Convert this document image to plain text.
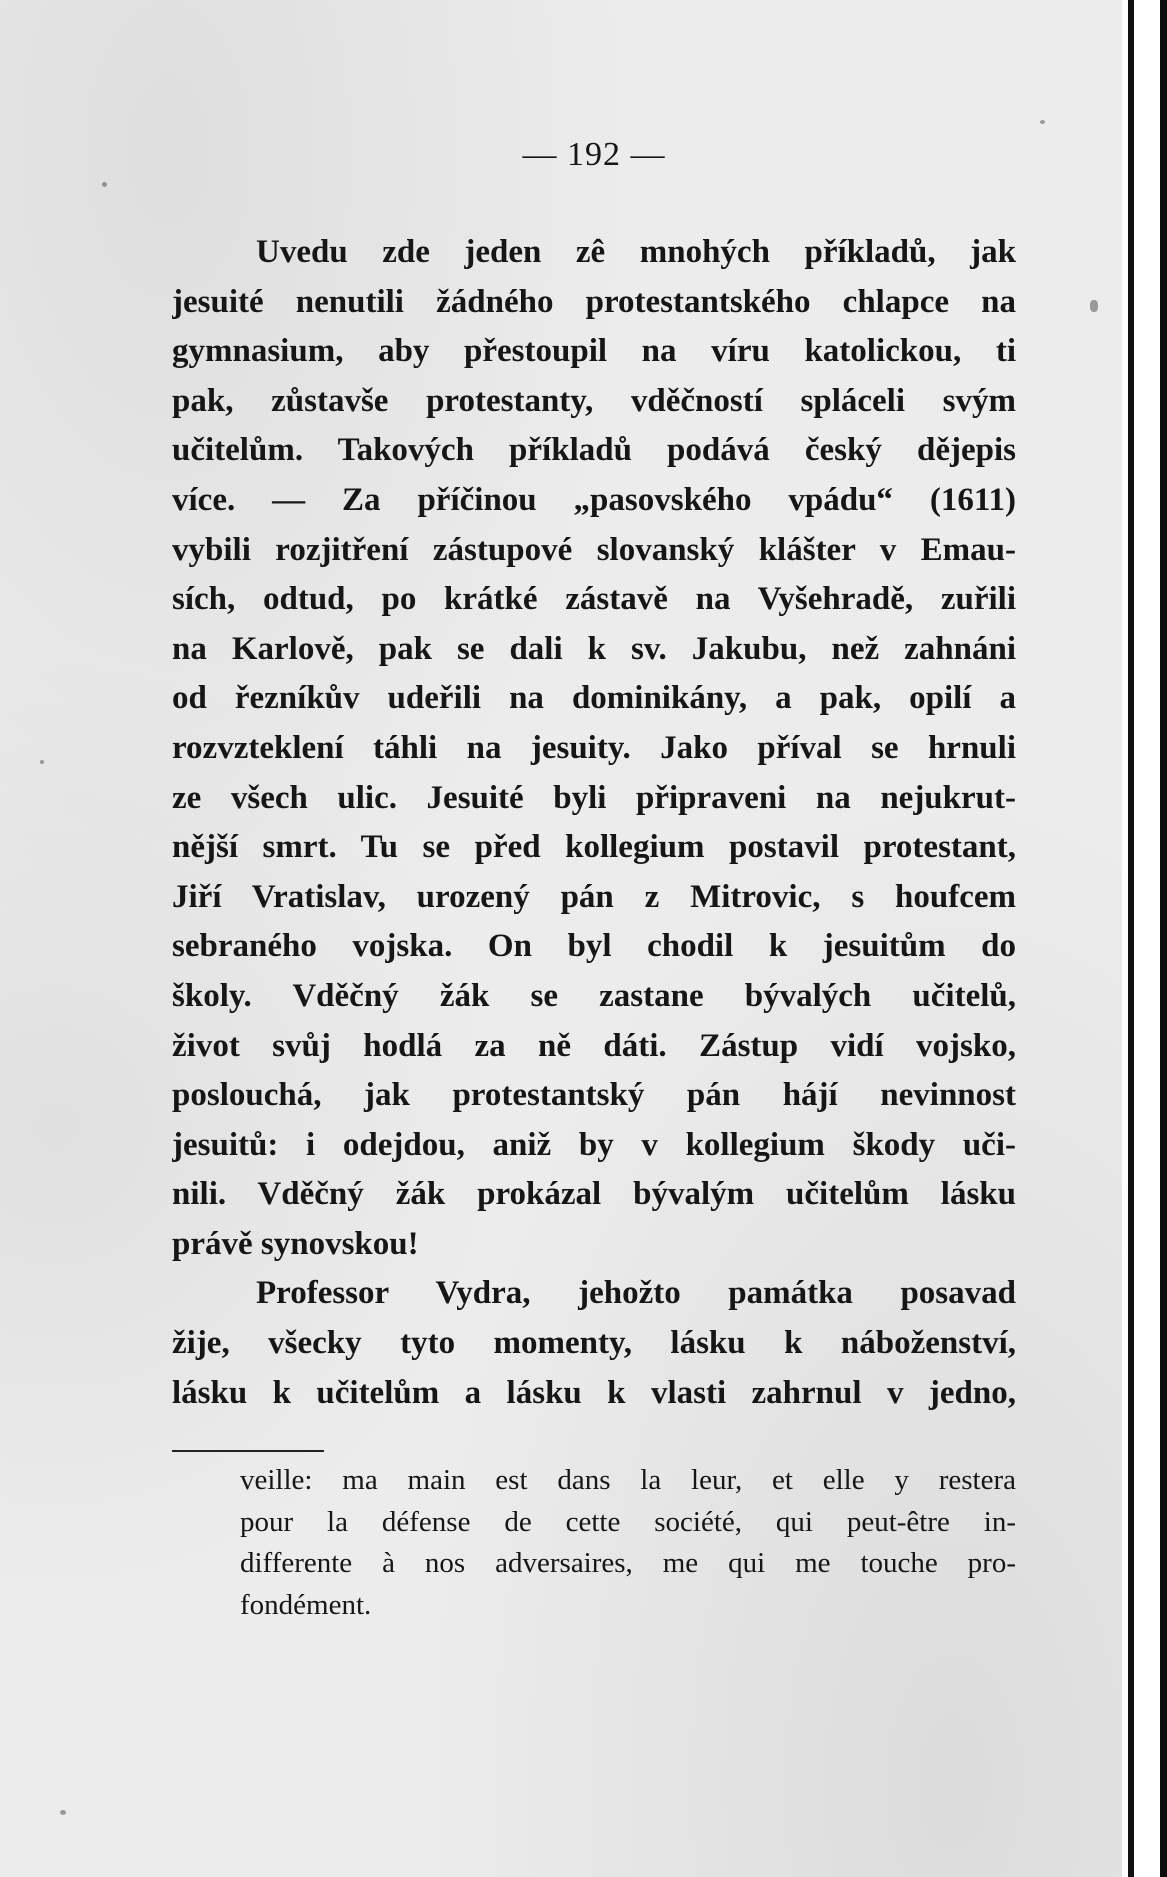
— 192 —

Uvedu zde jeden zê mnohých příkladů, jak
jesuité nenutili žádného protestantského chlapce na
gymnasium, aby přestoupil na víru katolickou, ti
pak, zůstavše protestanty, vděčností spláceli svým
učitelům. Takových příkladů podává český dějepis
více. — Za příčinou „pasovského vpádu“ (1611)
vybili rozjitření zástupové slovanský klášter v Emau-
sích, odtud, po krátké zástavě na Vyšehradě, zuřili
na Karlově, pak se dali k sv. Jakubu, než zahnáni
od řezníkův udeřili na dominikány, a pak, opilí a
rozvzteklení táhli na jesuity. Jako příval se hrnuli
ze všech ulic. Jesuité byli připraveni na nejukrut-
nější smrt. Tu se před kollegium postavil protestant,
Jiří Vratislav, urozený pán z Mitrovic, s houfcem
sebraného vojska. On byl chodil k jesuitům do
školy. Vděčný žák se zastane bývalých učitelů,
život svůj hodlá za ně dáti. Zástup vidí vojsko,
poslouchá, jak protestantský pán hájí nevinnost
jesuitů: i odejdou, aniž by v kollegium škody uči-
nili. Vděčný žák prokázal bývalým učitelům lásku
právě synovskou!

Professor Vydra, jehožto památka posavad
žije, všecky tyto momenty, lásku k náboženství,
lásku k učitelům a lásku k vlasti zahrnul v jedno,

veille: ma main est dans la leur, et elle y restera
pour la défense de cette société, qui peut-être in-
differente à nos adversaires, me qui me touche pro-
fondément.
